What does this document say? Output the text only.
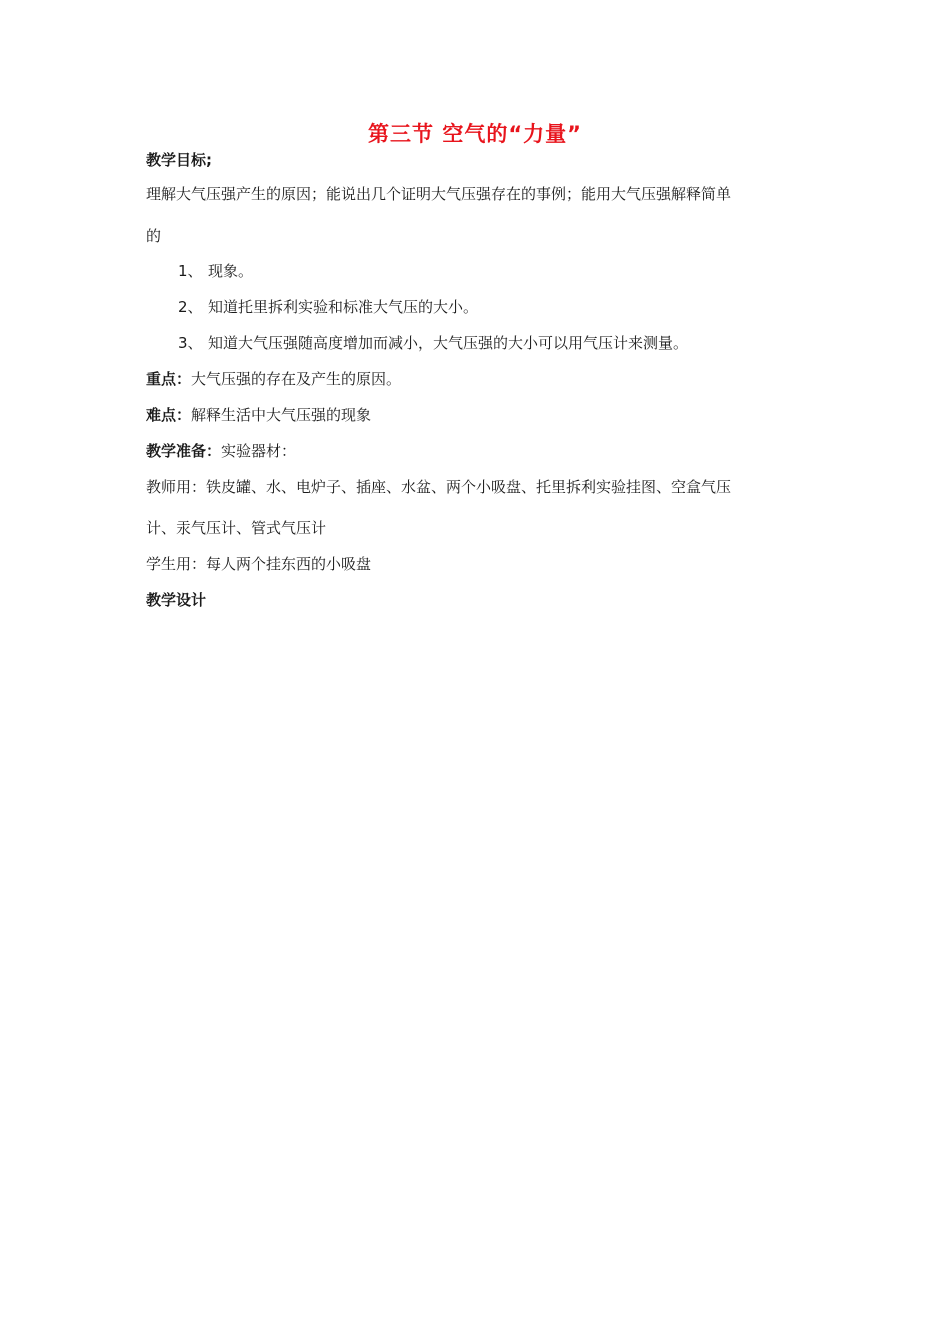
第三节 空气的“力量”
教学目标;
理解大气压强产生的原因；能说出几个证明大气压强存在的事例；能用大气压强解释简单
的
1、 现象。
2、 知道托里拆利实验和标准大气压的大小。
3、 知道大气压强随高度增加而减小，大气压强的大小可以用气压计来测量。
重点：大气压强的存在及产生的原因。
难点：解释生活中大气压强的现象
教学准备：实验器材：
教师用：铁皮罐、水、电炉子、插座、水盆、两个小吸盘、托里拆利实验挂图、空盒气压
计、汞气压计、管式气压计
学生用：每人两个挂东西的小吸盘
教学设计
